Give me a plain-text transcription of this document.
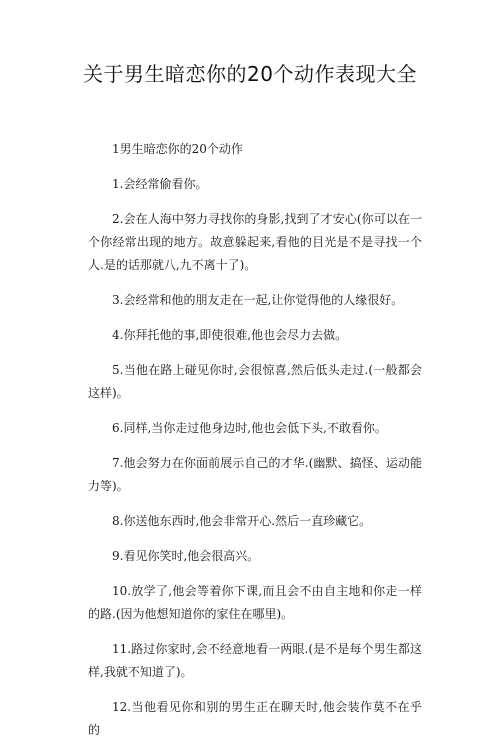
关于男生暗恋你的20个动作表现大全

1男生暗恋你的20个动作

1.会经常偷看你。

2.会在人海中努力寻找你的身影,找到了才安心(你可以在一个你经常出现的地方。故意躲起来,看他的目光是不是寻找一个人.是的话那就八,九不离十了)。

3.会经常和他的朋友走在一起,让你觉得他的人缘很好。

4.你拜托他的事,即使很难,他也会尽力去做。

5.当他在路上碰见你时,会很惊喜,然后低头走过.(一般都会这样)。

6.同样,当你走过他身边时,他也会低下头,不敢看你。

7.他会努力在你面前展示自己的才华.(幽默、搞怪、运动能力等)。

8.你送他东西时,他会非常开心.然后一直珍藏它。

9.看见你笑时,他会很高兴。

10.放学了,他会等着你下课,而且会不由自主地和你走一样的路.(因为他想知道你的家住在哪里)。

11.路过你家时,会不经意地看一两眼.(是不是每个男生都这样,我就不知道了)。

12.当他看见你和别的男生正在聊天时,他会装作莫不在乎的
